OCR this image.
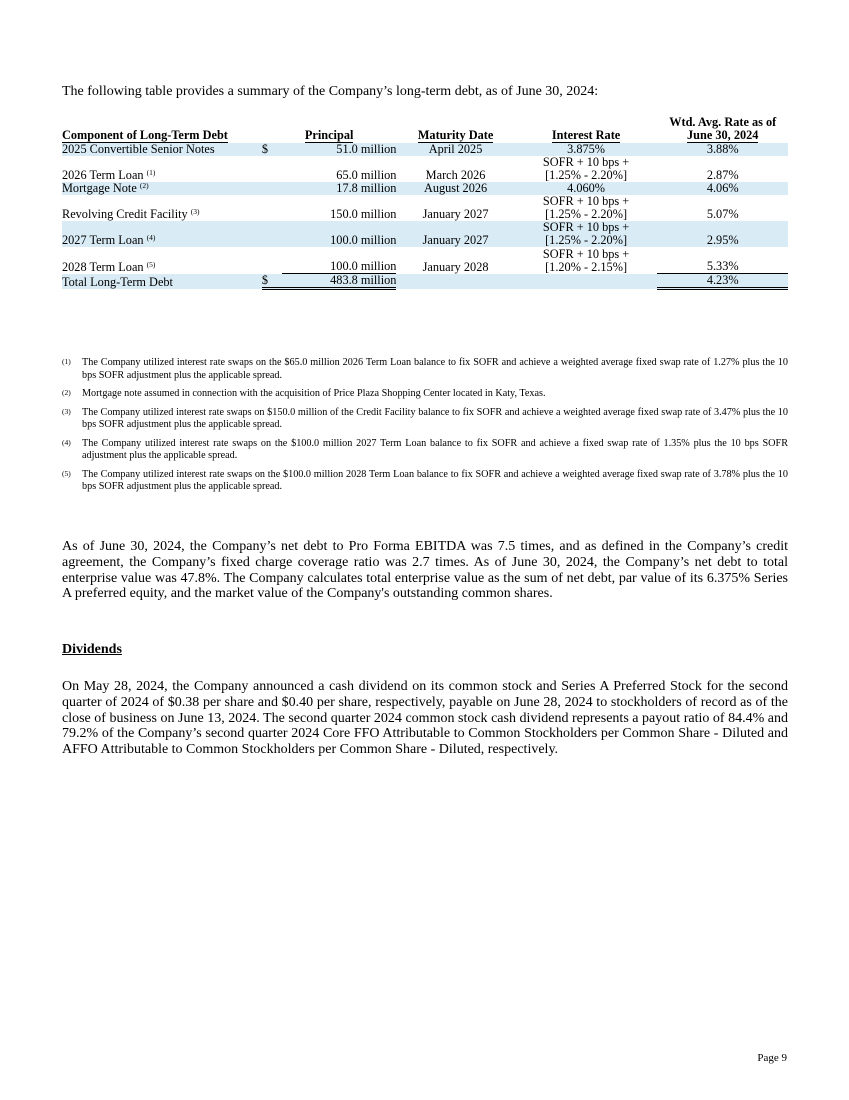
The following table provides a summary of the Company’s long-term debt, as of June 30, 2024:
Component of Long-Term Debt	Principal		Maturity Date	Interest Rate	Wtd. Avg. Rate as of
June 30, 2024
2025 Convertible Senior Notes	$	51.0 million	April 2025	3.875%	3.88%
2026 Term Loan $^{(1)}$		65.0 million	March 2026	SOFR + 10 bps +
[1.25% - 2.20%]	2.87%
Mortgage Note $^{(2)}$		17.8 million	August 2026	4.060%	4.06%
Revolving Credit Facility $^{(3)}$		150.0 million	January 2027	SOFR + 10 bps +
[1.25% - 2.20%]	5.07%
2027 Term Loan $^{(4)}$		100.0 million	January 2027	SOFR + 10 bps +
[1.25% - 2.20%]	2.95%
2028 Term Loan $^{(5)}$		100.0 million	January 2028	SOFR + 10 bps +
[1.20% - 2.15%]	5.33%
Total Long-Term Debt	$	483.8 million			4.23%
(1)	The Company utilized interest rate swaps on the $65.0 million 2026 Term Loan balance to fix SOFR and achieve a weighted average fixed swap rate of 1.27% plus the 10 bps SOFR adjustment plus the applicable spread.
(2)	Mortgage note assumed in connection with the acquisition of Price Plaza Shopping Center located in Katy, Texas.
(3)	The Company utilized interest rate swaps on $150.0 million of the Credit Facility balance to fix SOFR and achieve a weighted average fixed swap rate of 3.47% plus the 10 bps SOFR adjustment plus the applicable spread.
(4)	The Company utilized interest rate swaps on the $100.0 million 2027 Term Loan balance to fix SOFR and achieve a fixed swap rate of 1.35% plus the 10 bps SOFR adjustment plus the applicable spread.
(5)	The Company utilized interest rate swaps on the $100.0 million 2028 Term Loan balance to fix SOFR and achieve a weighted average fixed swap rate of 3.78% plus the 10 bps SOFR adjustment plus the applicable spread.

As of June 30, 2024, the Company’s net debt to Pro Forma EBITDA was 7.5 times, and as defined in the Company’s credit agreement, the Company’s fixed charge coverage ratio was 2.7 times. As of June 30, 2024, the Company’s net debt to total enterprise value was 47.8%. The Company calculates total enterprise value as the sum of net debt, par value of its 6.375% Series A preferred equity, and the market value of the Company's outstanding common shares.

Dividends

On May 28, 2024, the Company announced a cash dividend on its common stock and Series A Preferred Stock for the second quarter of 2024 of $0.38 per share and $0.40 per share, respectively, payable on June 28, 2024 to stockholders of record as of the close of business on June 13, 2024. The second quarter 2024 common stock cash dividend represents a payout ratio of 84.4% and 79.2% of the Company’s second quarter 2024 Core FFO Attributable to Common Stockholders per Common Share - Diluted and AFFO Attributable to Common Stockholders per Common Share - Diluted, respectively.

Page 9
